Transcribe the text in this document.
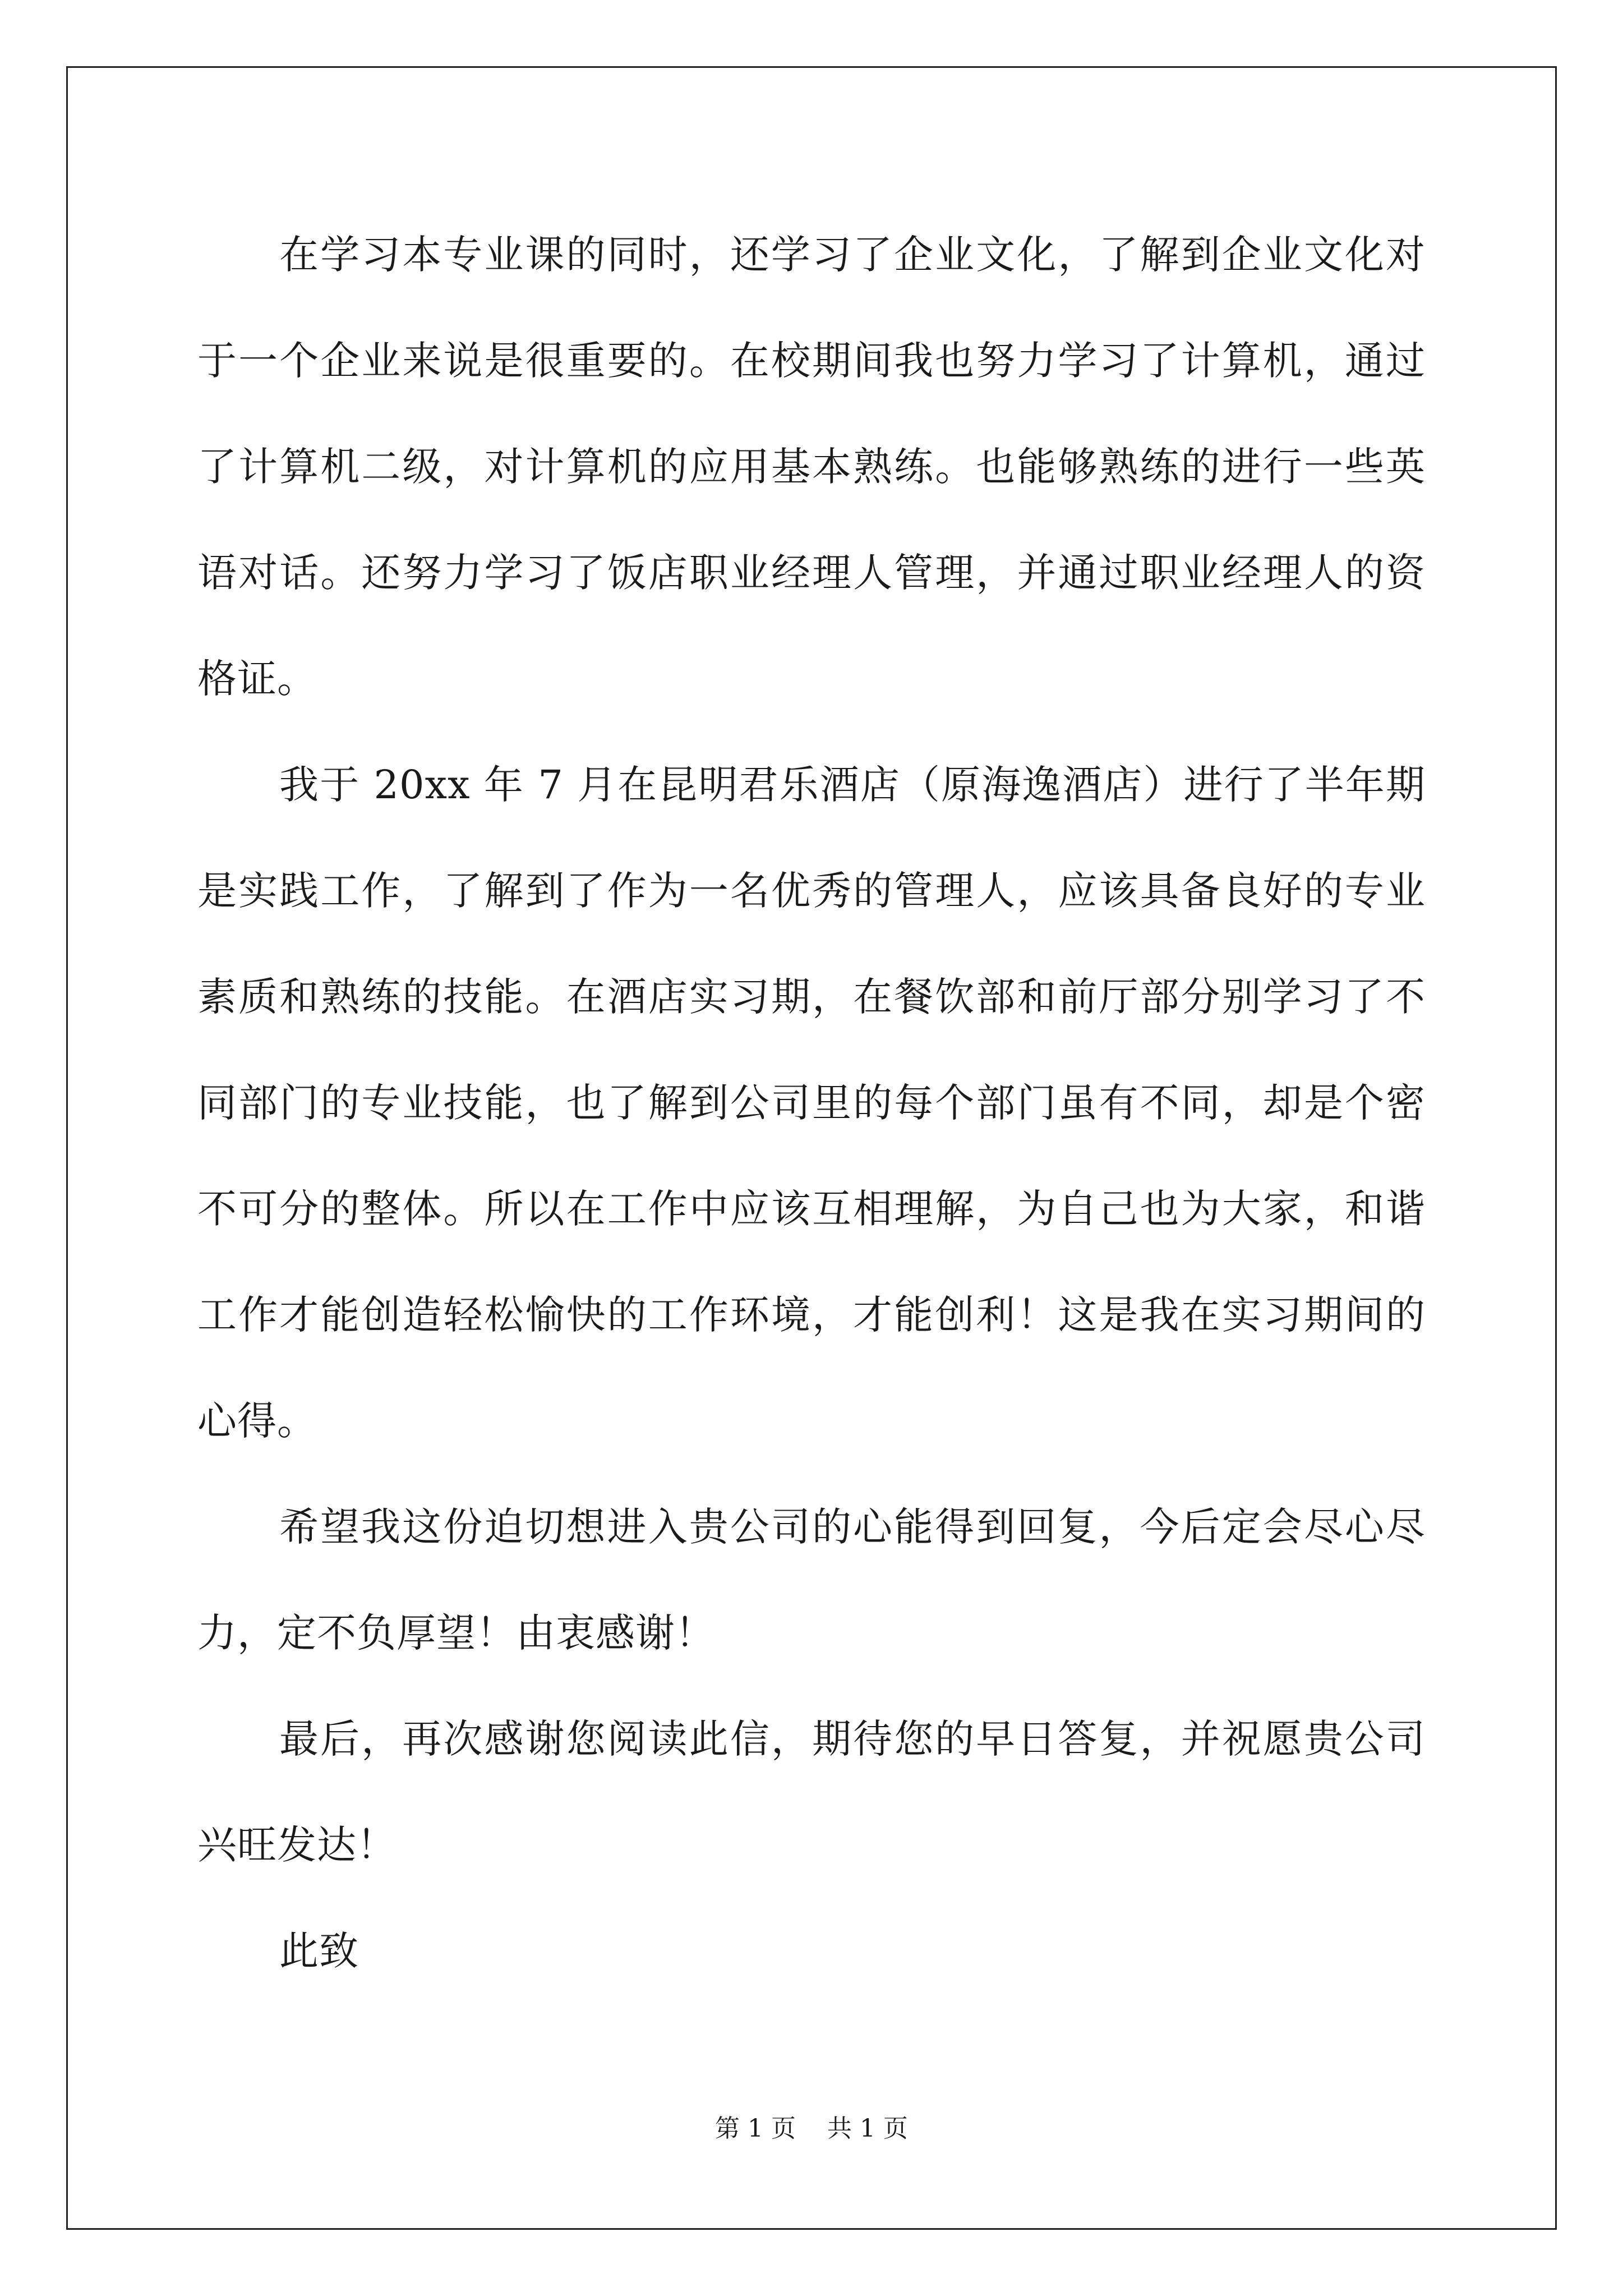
在学习本专业课的同时，还学习了企业文化，了解到企业文化对于一个企业来说是很重要的。在校期间我也努力学习了计算机，通过了计算机二级，对计算机的应用基本熟练。也能够熟练的进行一些英语对话。还努力学习了饭店职业经理人管理，并通过职业经理人的资格证。

我于 20xx 年 7 月在昆明君乐酒店（原海逸酒店）进行了半年期是实践工作，了解到了作为一名优秀的管理人，应该具备良好的专业素质和熟练的技能。在酒店实习期，在餐饮部和前厅部分别学习了不同部门的专业技能，也了解到公司里的每个部门虽有不同，却是个密不可分的整体。所以在工作中应该互相理解，为自己也为大家，和谐工作才能创造轻松愉快的工作环境，才能创利！这是我在实习期间的心得。

希望我这份迫切想进入贵公司的心能得到回复，今后定会尽心尽力，定不负厚望！由衷感谢！

最后，再次感谢您阅读此信，期待您的早日答复，并祝愿贵公司兴旺发达！

此致

第 1 页 共 1 页
